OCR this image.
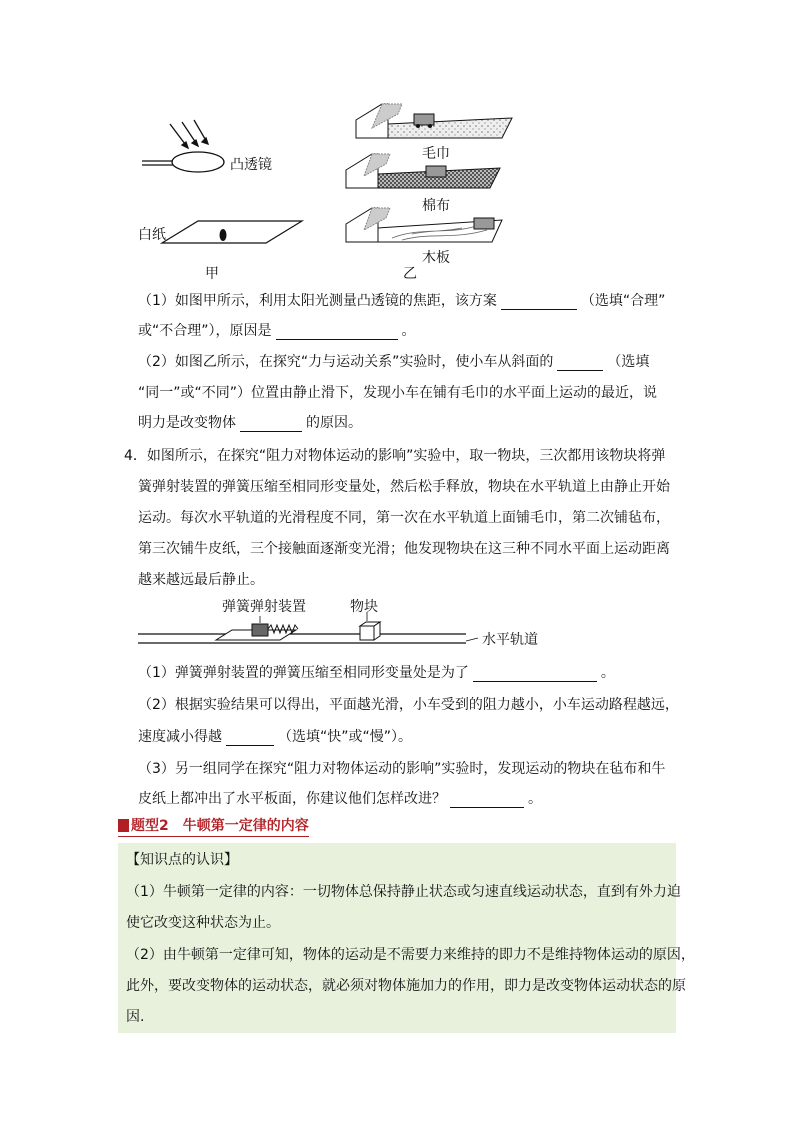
凸透镜
白纸
甲
毛巾
棉布
木板
乙
（1）如图甲所示，利用太阳光测量凸透镜的焦距，该方案	（选填“合理”
或“不合理”），原因是	。
（2）如图乙所示，在探究“力与运动关系”实验时，使小车从斜面的	（选填
“同一”或“不同”）位置由静止滑下，发现小车在铺有毛巾的水平面上运动的最近，说
明力是改变物体	的原因。
4．如图所示，在探究“阻力对物体运动的影响”实验中，取一物块，三次都用该物块将弹
簧弹射装置的弹簧压缩至相同形变量处，然后松手释放，物块在水平轨道上由静止开始
运动。每次水平轨道的光滑程度不同，第一次在水平轨道上面铺毛巾，第二次铺毡布，
第三次铺牛皮纸，三个接触面逐渐变光滑；他发现物块在这三种不同水平面上运动距离
越来越远最后静止。
弹簧弹射装置	物块
水平轨道
（1）弹簧弹射装置的弹簧压缩至相同形变量处是为了	。
（2）根据实验结果可以得出，平面越光滑，小车受到的阻力越小，小车运动路程越远，
速度减小得越	（选填“快”或“慢”）。
（3）另一组同学在探究“阻力对物体运动的影响”实验时，发现运动的物块在毡布和牛
皮纸上都冲出了水平板面，你建议他们怎样改进？	。
题型2　牛顿第一定律的内容
【知识点的认识】
（1）牛顿第一定律的内容：一切物体总保持静止状态或匀速直线运动状态，直到有外力迫
使它改变这种状态为止。
（2）由牛顿第一定律可知，物体的运动是不需要力来维持的即力不是维持物体运动的原因，
此外，要改变物体的运动状态，就必须对物体施加力的作用，即力是改变物体运动状态的原
因.
